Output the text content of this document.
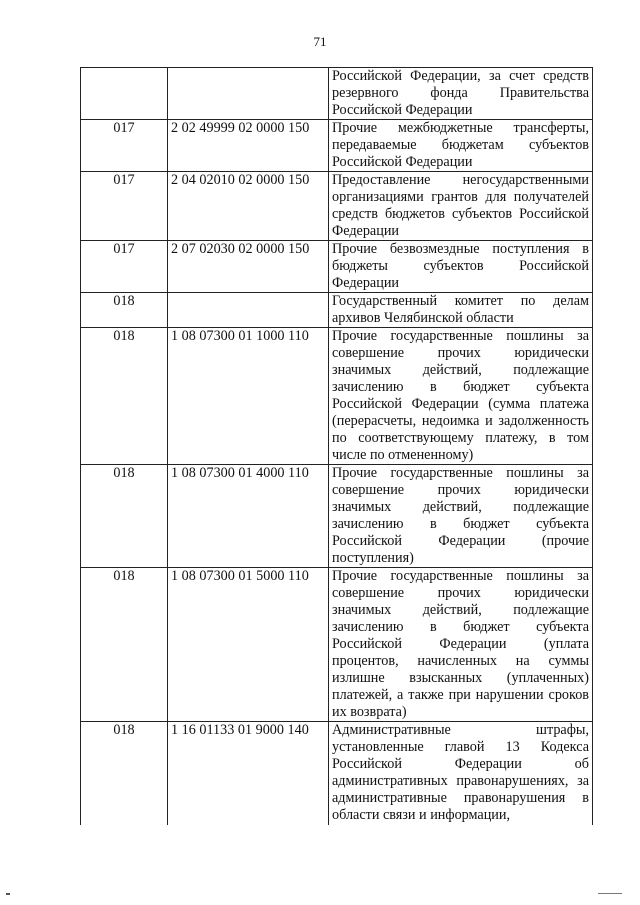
71
		Российской Федерации, за счет средств резервного фонда Правительства Российской Федерации
017	2 02 49999 02 0000 150	Прочие межбюджетные трансферты, передаваемые бюджетам субъектов Российской Федерации
017	2 04 02010 02 0000 150	Предоставление негосударственными организациями грантов для получателей средств бюджетов субъектов Российской Федерации
017	2 07 02030 02 0000 150	Прочие безвозмездные поступления в бюджеты субъектов Российской Федерации
018		Государственный комитет по делам архивов Челябинской области
018	1 08 07300 01 1000 110	Прочие государственные пошлины за совершение прочих юридически значимых действий, подлежащие зачислению в бюджет субъекта Российской Федерации (сумма платежа (перерасчеты, недоимка и задолженность по соответствующему платежу, в том числе по отмененному)
018	1 08 07300 01 4000 110	Прочие государственные пошлины за совершение прочих юридически значимых действий, подлежащие зачислению в бюджет субъекта Российской Федерации (прочие поступления)
018	1 08 07300 01 5000 110	Прочие государственные пошлины за совершение прочих юридически значимых действий, подлежащие зачислению в бюджет субъекта Российской Федерации (уплата процентов, начисленных на суммы излишне взысканных (уплаченных) платежей, а также при нарушении сроков их возврата)
018	1 16 01133 01 9000 140	Административные штрафы, установленные главой 13 Кодекса Российской Федерации об административных правонарушениях, за административные правонарушения в области связи и информации,
